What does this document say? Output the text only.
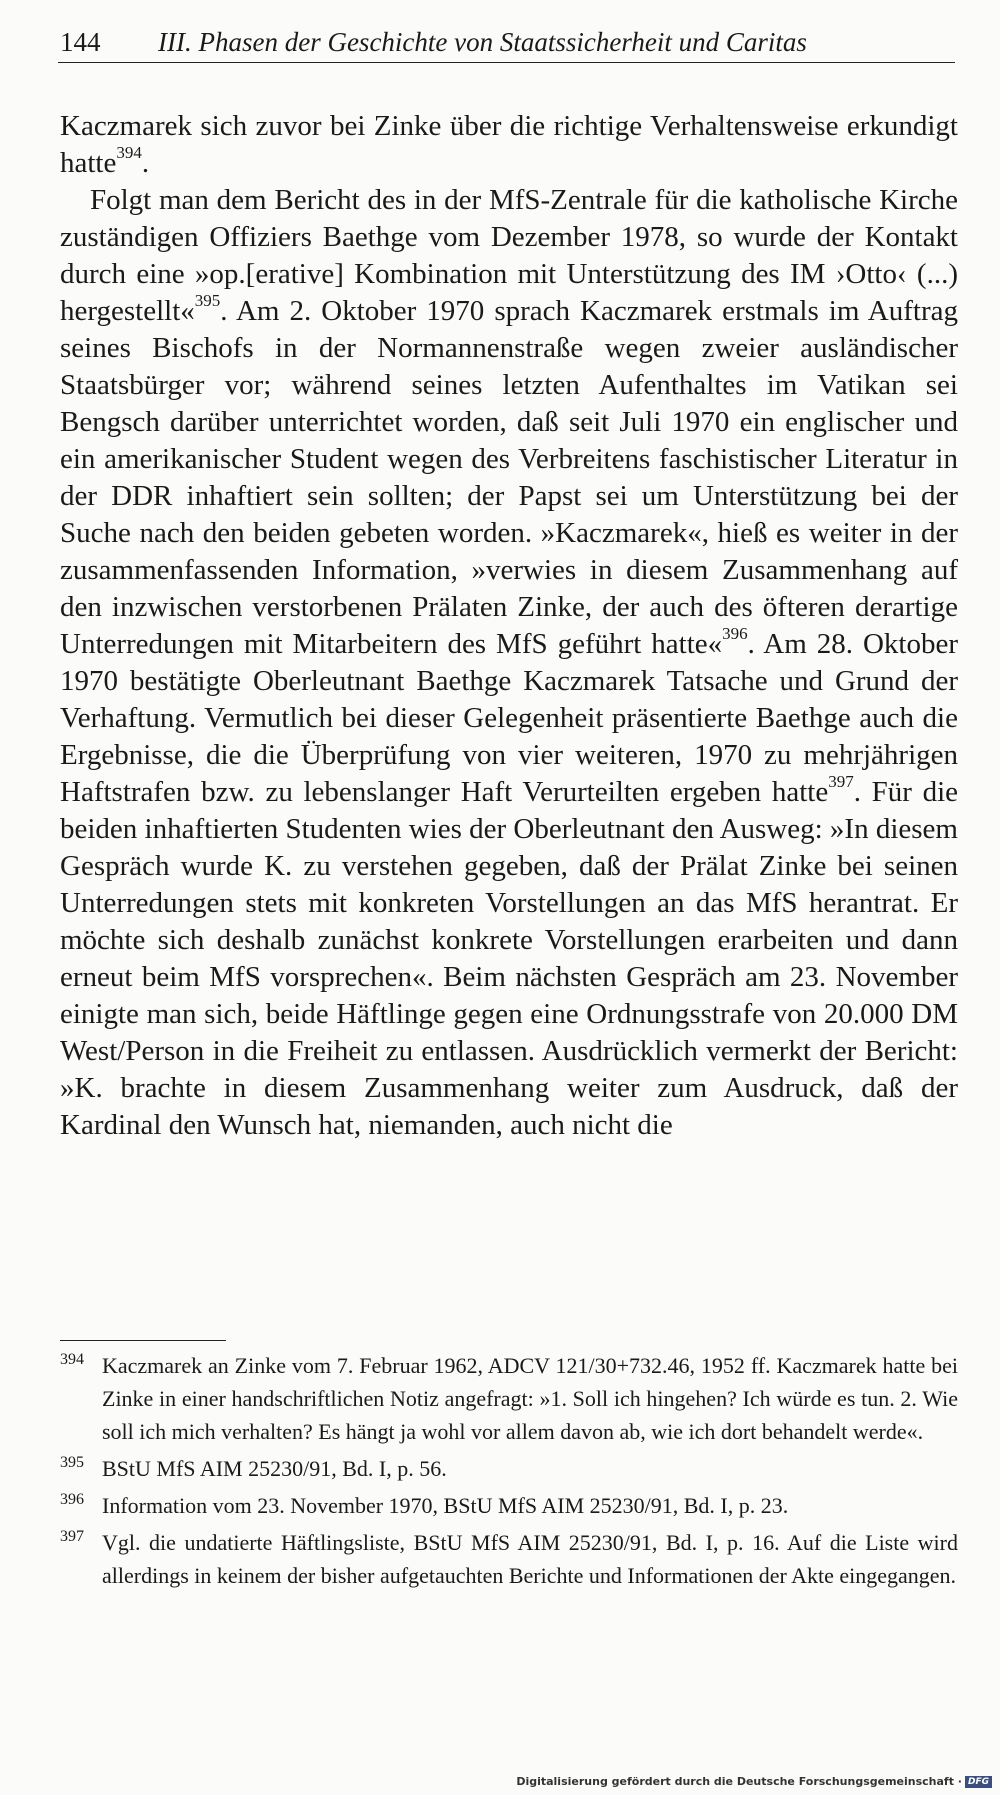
144 III. Phasen der Geschichte von Staatssicherheit und Caritas

Kaczmarek sich zuvor bei Zinke über die richtige Verhaltensweise erkundigt hatte$^{394}$.

Folgt man dem Bericht des in der MfS-Zentrale für die katholische Kirche zuständigen Offiziers Baethge vom Dezember 1978, so wurde der Kontakt durch eine »op.[erative] Kombination mit Unterstützung des IM ›Otto‹ (...) hergestellt«$^{395}$. Am 2. Oktober 1970 sprach Kaczmarek erstmals im Auftrag seines Bischofs in der Normannenstraße wegen zweier ausländischer Staatsbürger vor; während seines letzten Aufenthaltes im Vatikan sei Bengsch darüber unterrichtet worden, daß seit Juli 1970 ein englischer und ein amerikanischer Student wegen des Verbreitens faschistischer Literatur in der DDR inhaftiert sein sollten; der Papst sei um Unterstützung bei der Suche nach den beiden gebeten worden. »Kaczmarek«, hieß es weiter in der zusammenfassenden Information, »verwies in diesem Zusammenhang auf den inzwischen verstorbenen Prälaten Zinke, der auch des öfteren derartige Unterredungen mit Mitarbeitern des MfS geführt hatte«$^{396}$. Am 28. Oktober 1970 bestätigte Oberleutnant Baethge Kaczmarek Tatsache und Grund der Verhaftung. Vermutlich bei dieser Gelegenheit präsentierte Baethge auch die Ergebnisse, die die Überprüfung von vier weiteren, 1970 zu mehrjährigen Haftstrafen bzw. zu lebenslanger Haft Verurteilten ergeben hatte$^{397}$. Für die beiden inhaftierten Studenten wies der Oberleutnant den Ausweg: »In diesem Gespräch wurde K. zu verstehen gegeben, daß der Prälat Zinke bei seinen Unterredungen stets mit konkreten Vorstellungen an das MfS herantrat. Er möchte sich deshalb zunächst konkrete Vorstellungen erarbeiten und dann erneut beim MfS vorsprechen«. Beim nächsten Gespräch am 23. November einigte man sich, beide Häftlinge gegen eine Ordnungsstrafe von 20.000 DM West/Person in die Freiheit zu entlassen. Ausdrücklich vermerkt der Bericht: »K. brachte in diesem Zusammenhang weiter zum Ausdruck, daß der Kardinal den Wunsch hat, niemanden, auch nicht die

394 Kaczmarek an Zinke vom 7. Februar 1962, ADCV 121/30+732.46, 1952 ff. Kaczmarek hatte bei Zinke in einer handschriftlichen Notiz angefragt: »1. Soll ich hingehen? Ich würde es tun. 2. Wie soll ich mich verhalten? Es hängt ja wohl vor allem davon ab, wie ich dort behandelt werde«.
395 BStU MfS AIM 25230/91, Bd. I, p. 56.
396 Information vom 23. November 1970, BStU MfS AIM 25230/91, Bd. I, p. 23.
397 Vgl. die undatierte Häftlingsliste, BStU MfS AIM 25230/91, Bd. I, p. 16. Auf die Liste wird allerdings in keinem der bisher aufgetauchten Berichte und Informationen der Akte eingegangen.
Digitalisierung gefördert durch die Deutsche Forschungsgemeinschaft · DFG
